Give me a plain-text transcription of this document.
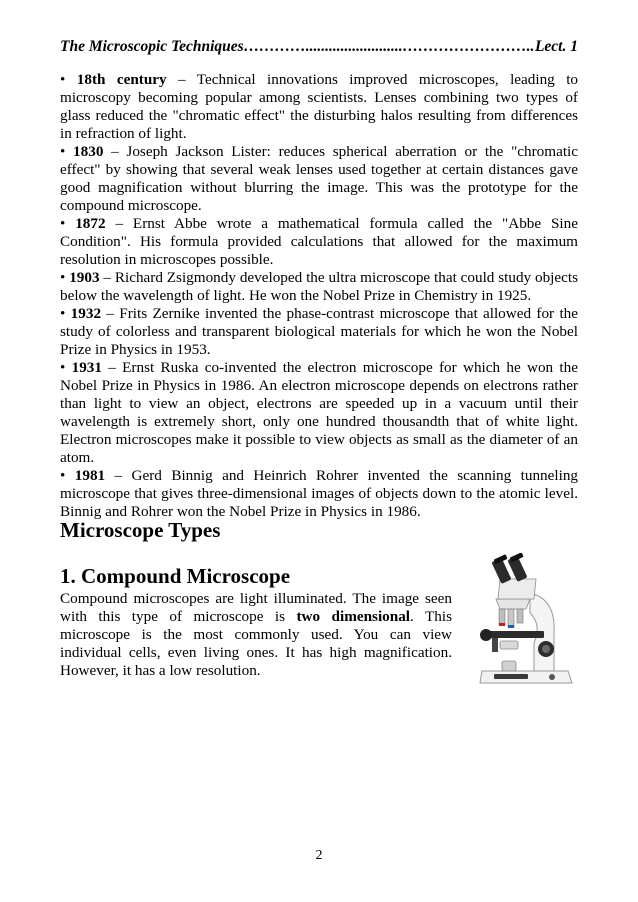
The Microscopic Techniques ………….........................…………………….. Lect. 1

• 18th century – Technical innovations improved microscopes, leading to microscopy becoming popular among scientists. Lenses combining two types of glass reduced the "chromatic effect" the disturbing halos resulting from differences in refraction of light.

• 1830 – Joseph Jackson Lister: reduces spherical aberration or the "chromatic effect" by showing that several weak lenses used together at certain distances gave good magnification without blurring the image. This was the prototype for the compound microscope.

• 1872 – Ernst Abbe wrote a mathematical formula called the "Abbe Sine Condition". His formula provided calculations that allowed for the maximum resolution in microscopes possible.

• 1903 – Richard Zsigmondy developed the ultra microscope that could study objects below the wavelength of light. He won the Nobel Prize in Chemistry in 1925.

• 1932 – Frits Zernike invented the phase-contrast microscope that allowed for the study of colorless and transparent biological materials for which he won the Nobel Prize in Physics in 1953.

• 1931 – Ernst Ruska co-invented the electron microscope for which he won the Nobel Prize in Physics in 1986. An electron microscope depends on electrons rather than light to view an object, electrons are speeded up in a vacuum until their wavelength is extremely short, only one hundred thousandth that of white light. Electron microscopes make it possible to view objects as small as the diameter of an atom.

• 1981 – Gerd Binnig and Heinrich Rohrer invented the scanning tunneling microscope that gives three-dimensional images of objects down to the atomic level. Binnig and Rohrer won the Nobel Prize in Physics in 1986.

Microscope Types
1. Compound Microscope
Compound microscopes are light illuminated. The image seen with this type of microscope is two dimensional. This microscope is the most commonly used. You can view individual cells, even living ones. It has high magnification. However, it has a low resolution.
2
